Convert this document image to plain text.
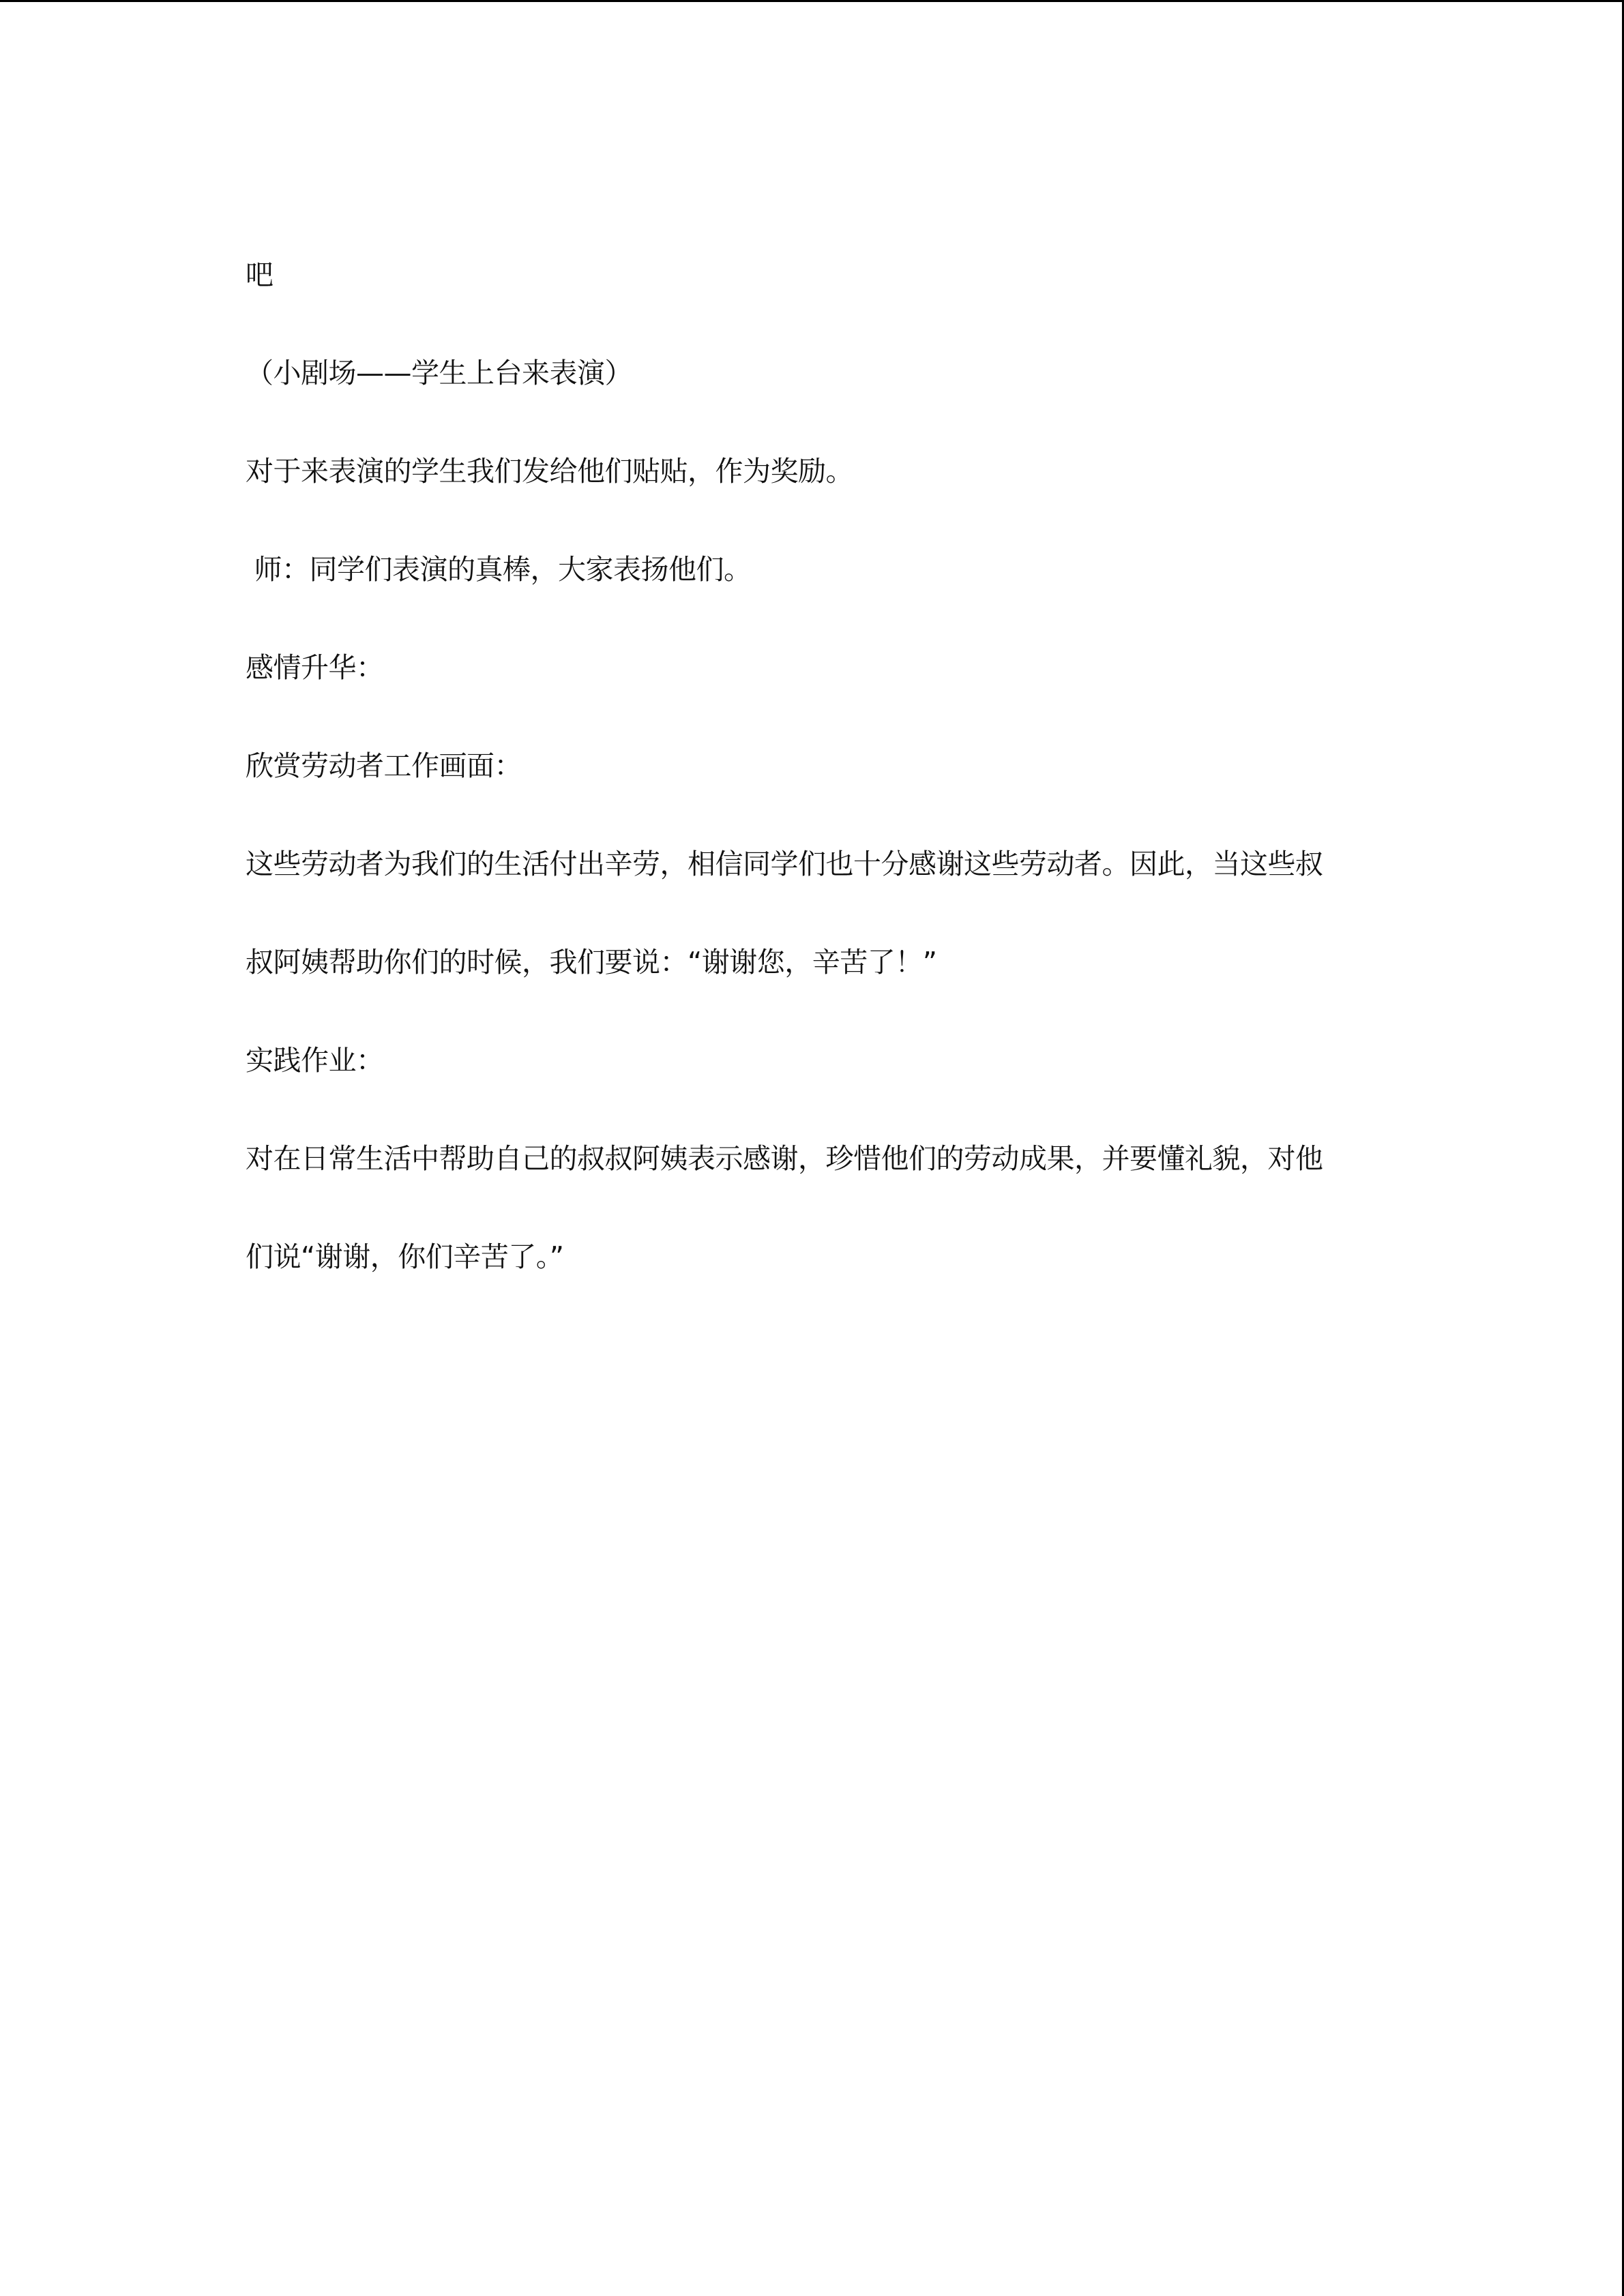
吧
（小剧场——学生上台来表演）
对于来表演的学生我们发给他们贴贴，作为奖励。
师：同学们表演的真棒，大家表扬他们。
感情升华：
欣赏劳动者工作画面：
这些劳动者为我们的生活付出辛劳，相信同学们也十分感谢这些劳动者。因此，当这些叔
叔阿姨帮助你们的时候，我们要说：“谢谢您，辛苦了！”
实践作业：
对在日常生活中帮助自己的叔叔阿姨表示感谢，珍惜他们的劳动成果，并要懂礼貌，对他
们说“谢谢，你们辛苦了。”
